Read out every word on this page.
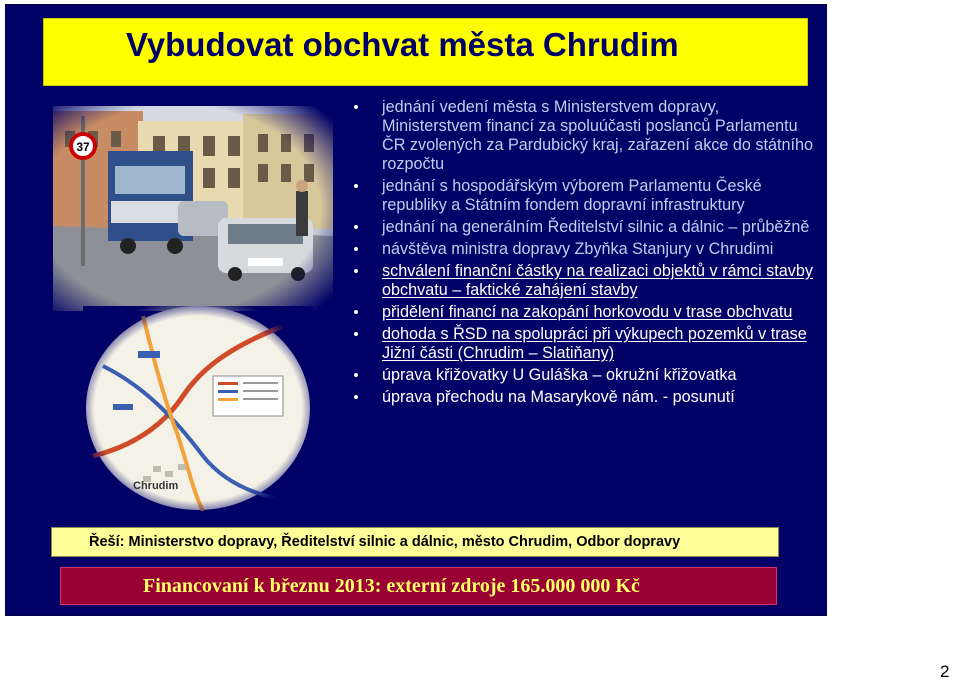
Vybudovat obchvat města Chrudim
jednání vedení města s Ministerstvem dopravy, Ministerstvem financí za spoluúčasti poslanců Parlamentu ČR zvolených za Pardubický kraj, zařazení akce do státního rozpočtu
jednání s hospodářským výborem Parlamentu České republiky a Státním fondem dopravní infrastruktury
jednání na generálním Ředitelství silnic a dálnic – průběžně
návštěva ministra dopravy Zbyňka Stanjury v Chrudimi
schválení finanční částky na realizaci objektů v rámci stavby obchvatu – faktické zahájení stavby
přidělení financí na zakopání horkovodu v trase obchvatu
dohoda s ŘSD na spolupráci při výkupech pozemků v trase Jižní části (Chrudim – Slatiňany)
úprava křižovatky U Guláška – okružní křižovatka
úprava přechodu na Masarykově nám. - posunutí
Řeší: Ministerstvo dopravy, Ředitelství silnic a dálnic, město Chrudim, Odbor dopravy
Financovaní k březnu 2013: externí zdroje 165.000 000 Kč
2
